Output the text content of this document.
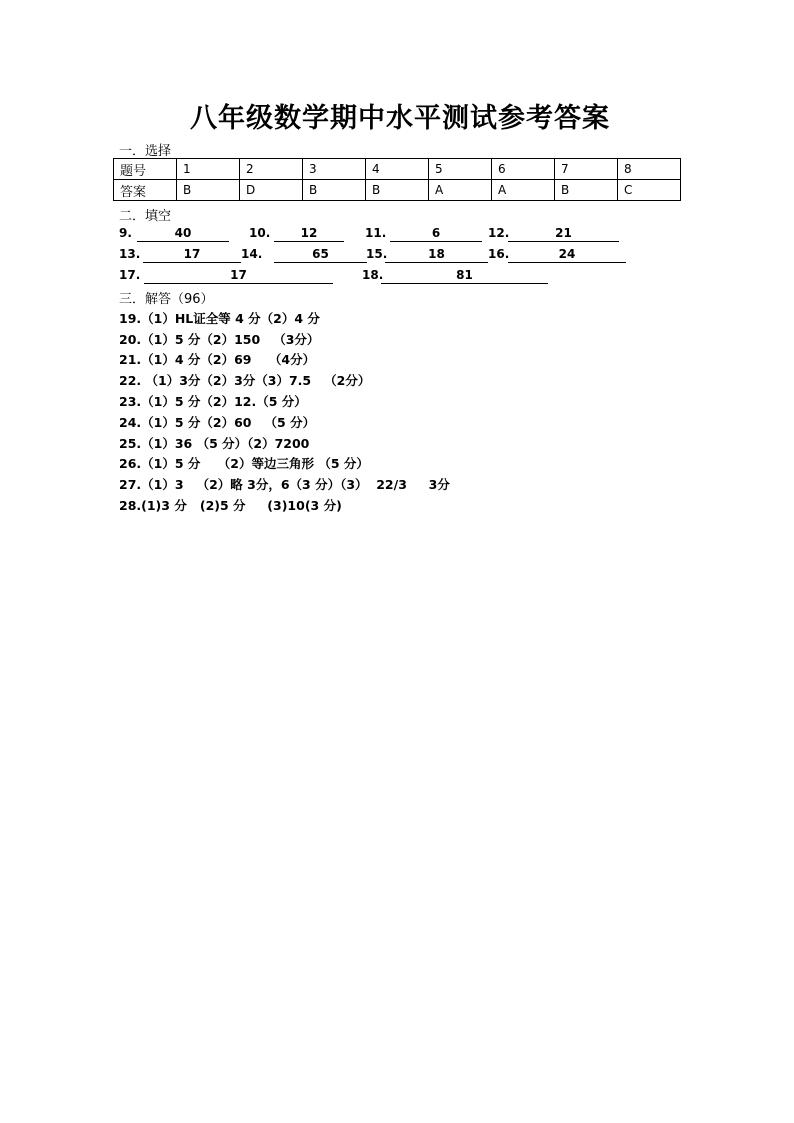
八年级数学期中水平测试参考答案
一．选择
题号	1	2	3	4	5	6	7	8
答案	B	D	B	B	A	A	B	C
二．填空
9.	40	10.	12	11.	6	12.	21
13.	17	14.	65	15.	18	16.	24
17.	17	18.	81
三．解答（96）
19.（1）HL证全等 4 分（2）4 分
20.（1）5 分（2）150   （3分）
21.（1）4 分（2）69    （4分）
22. （1）3分（2）3分（3）7.5   （2分）
23.（1）5 分（2）12.（5 分）
24.（1）5 分（2）60   （5 分）
25.（1）36 （5 分）（2）7200
26.（1）5 分    （2）等边三角形 （5 分）
27.（1）3   （2）略 3分，6（3 分）（3）  22/3     3分
28.(1)3 分   (2)5 分     (3)10(3 分)
